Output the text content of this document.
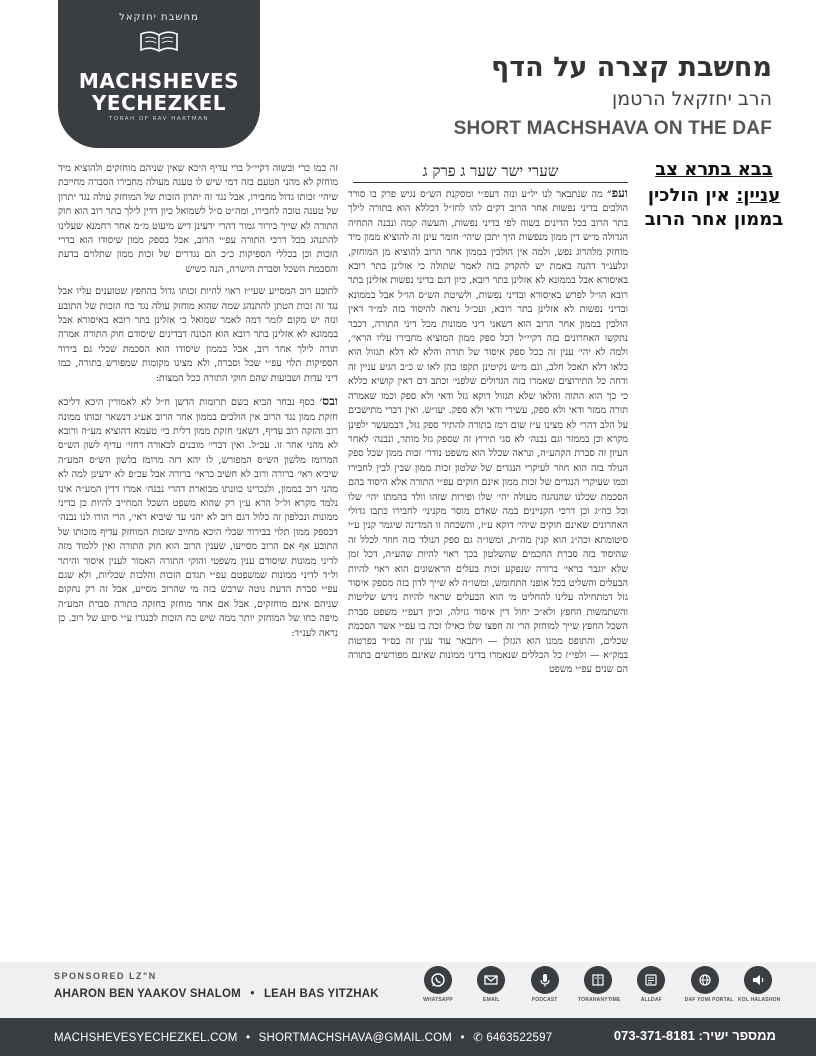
מחשבת יחזקאל
MACHSHEVES
YECHEZKEL
TORAH OF RAV HARTMAN
מחשבת קצרה על הדף
הרב יחזקאל הרטמן
SHORT MACHSHAVA ON THE DAF
בבא בתרא צב
עניין: אין הולכין
בממון אחר הרוב
שערי ישר שער ג פרק ג

ועפ״ מה שנתבאר לנו יל״ע ונזה דעפ״י ומסקנת הש״ס נגיש פרק בו סורר הולכים בדיני נפשות אחר הרוב דקים להו לחז״ל דכללא הוא בתורה לילך בתר הרוב בכל הדינים בשוה לפי בדיני נפשות, והעשה קמה ונבנה התחיה הגדולה מ״ש דין ממון מנפשות היך יתכן שיהי׳ חומר עינן זה להוציא ממון מיד מוחזק מלהרוג נפש, ולמה אין הולכין בממון אחר הרוב להוציא מן המוחזק, ונלענ״ד דהנה באמת יש להקדק בזה לאמר שתולה כי אזלינן בתר רובא באיסורא אבל בממונא לא אזלינן בתר רובא, כיון דגם בדיני נפשות אזלינן בתר רובא הו״ל לפרש באיסורא ובדיני נפשות, ולשיטת הש״ס הו״ל אבל בממונא ובדיני נפשות לא אזלינן בתר רובא, ועכ״ל נראה להיסוד בזה למ״ד דאין הולכין בממון אחר הרוב הוא דשאני דיני ממונות מכל דיני התורה, דכבר נתקשו האחרונים בזה דקיי״ל דכל ספק ממון המוציא מחבירו עליו הראי׳, ולמה לא יהי׳ ענין זה ככל ספק איסור של תורה והלא לא דלא תגזול הוא כלאו דלא תאכל חלב, וגם מ״ש נקיטינן תקפו כהן לאו ש כ״ב הגיע עניין זה ודחה כל התירוצים שאמרו בזה הגדולים שלפני׳ וכתב דם דאין קושיא כללא כי כך הוא התוה והלאו שלא תגזול דוקא גזל ודאי ולא ספק וכמו שאמרה תורה ממזר ודאי ולא ספק, עשירי ודאי ולא ספק. יעו״ש. ואין דברי מתישבים על הלב דהרי לא מצינו ע״ז שום רמז בתורה להתיר ספק גזל, דבמעשר ילפינן מקרא וכן בממזר וגם נבנה׳ לא סגי תירוץ זה שספק גזל מותר, ונבנה׳ לאחר העיון זה סברת הקהע״ה, ונראה שכלל הוא משפט נודר׳ זכות ממון שכל ספק הנולד בזה הוא חוזר לעיקרי הנגדים של שלטון זכות ממון שבין לבין לחבירו וכמו שעיקרי הנגדים של זכות ממון אינם חוקים עפ״י התורה אלא היסוד בהם הסכמת שכלנו שהנהגה מעולה יהי׳ שלו ופירות שזהו וולד בהמתו יהי׳ שלו וכל כה״ג וכן דרכי הקניינים במה שאדם מוסר מקניני׳ לחבירו כתבו גדולי האחרונים שאינם חוקים שיהי׳ דוקא ע״ז, והשכחה זו המדינה שיגמר קנין ע״י סיטומתא וכה״ג הוא קנין מה״ת, ומשו״ה גם ספק הנולד בזה חוזר לכלל זה שהיסוד בזה סברת החכמים שהשלטון בכך ראוי להיות שהע״ה, דכל זמן שלא יוגבר בראי׳ ברורה שנפקע זכות בעלים הראשונים הוא ראוי להיות הבעלים והשליט בכל אופני התחומש, ומשו״ה לא שייך לדון בזה מספק איסור גזל דמתחילה עלינו להחליט מי הוא הבעלים שראוי להיות נידש שליטות והשתמשות החפץ ולא״כ יחול דין איסור גזילה, וכיון דעפ״י משפט סברת השכל החפץ שייך למוחזק הרי זה חפצו שלו כאילו זכה בו עפ״י אשר הסכמת שכלים, והתופס ממנו הוא הגזלן — ויתבאר עוד ענין זה בס״ד בפרטות במק״א — ולפי״ז כל הכללים שנאמרו בדיני ממונות שאינם מפורשים בתורה הם שנים עפ״י משפט

זה כמו כרי ובשוה דקיי״ל ברי עדיף היכא שאין שניהם מוחזקים ולהוציא מיד מוחזק לא מהני הטעם בזה דמי שיש לו טענה מעולה מחבירו הסברה מחייבת שיהי׳ זכותו גדול מחבירו, אבל נגד זה יתרון הזכות של המוחזק עולה נגד יתרון של טענה טובה לחבירו, ומה״ט ס״ל לשמואל כיון דדין לילך בתר רוב הוא חוק התורה לא שייך בירור גמור דהרי ידעינן דיש מיעוט מ״מ אחר רחמנא שעלינו להתנהג בכל דרכי התורה עפ״י הרוב, אבל בספק ממון שיסודו הוא בדרי הזכות וכן בכללי הספיקות כ״כ הם נגדרים של זכות ממון שתלוים בדעת והסכמת השכל וסברת הישרה, הנה כשיש

לתובע רוב המסייע שעי״ז ראוי להיות זכותו גדול בהחפץ שטוענים עליו אבל נגד זה זכות הטתן להתנהג שמה שהוא מוחזק עולה נגד כח הזכות של התובע ונזה יש מקום לומר דמה לאמר שמואל כי אזלינן בתר רובא באיסורא אבל בממונא לא אזלינן בתר רובא הוא הכונה דבדינים שיסודם חוק התורה אמרה תורה לילך אחר רוב, אבל בממון שיסודו הוא הסכמת שכלי גם בירור הספיקות תלוי עפ״י שכל וסברה, ולא מצינו מקומות שמפורש בתורה, כמו דיני עדות ושבועות שהם חוקי התורה ככל המצות:

ובס׳ כסף נבחר הביא בשם תרומות הדשן ח״ל לא לאמורין היכא דליכא חזקת ממון נגד הרוב אין הולכים בממון אחר הרוב אע״ג דנשאר זכותו ממונה רוב והזקה רוב עדיף, דשאני חזקת ממון דלית בי׳ טעמא דהוציא מע״ה ורובא לא מהני אחר זו. עכ״ל. ואין דברי׳ מובנים לכאורה דחזי׳ עדיף לשון הש״ס המרומז מלשון הש״ס המפורש, לו יהא דזה מרומז בלשון הש״ס המע״ה שיביא ראי׳ ברורה ורוב לא חשיב כראי׳ ברורה אבל עכ״פ לא ידעינן למה לא מהני רוב בממון, ולנכרינו כוונתו מבוארת דהרי נבנה׳ אמרו דדין המע״ה אינו נלמד מקרא ול״ל הרא ע״ן רק שהוא משפט השכל המחייב להיות כן בדיני ממונות ונכלפון זה כלול דגם רוב לא יהני עד שיביא ראי׳, הרי הורו לנו נבנה׳ דבספק ממון תלוי בבירור שכלי היכא מחייב שזכות המוחזק עדיף מזכותו של התובע אף אם הרוב מסייעו, שענין הרוב הוא חוק התורה ואין ללמוד מזה לדיני ממונות שיסודם ענין משפטי והוקי התורה האמור לענין איסור והיתר ול״ד לדיני ממונות שמשפטם עפ״י תגדם הזכות והלכות שכליות, ולא שגם עפ״י סברת הדעת נוטה שרבש בזה מי שהרוב מסייע, אבל זה רק נחקום שניהם אינם מוחזקים, אבל אם אחד מוחזק בחזקה בתורה סברת המע״ה מיפה כחו של המוחזק יותר ממה שיש כח הזכות לכנגדו ע״י סיוע של רוב. כן נראה לענ״ד:

SPONSORED LZ"N
AHARON BEN YAAKOV SHALOM • LEAH BAS YITZHAK	WHATSAPP	EMAIL	PODCAST	TORAHANYTIME	ALLDAF	DAF YOMI PORTAL KOL HALASHON
MACHSHEVESYECHEZKEL.COM • SHORTMACHSHAVA@GMAIL.COM • ✆ 6463522597	ממספר ישיר: 073-371-8181
